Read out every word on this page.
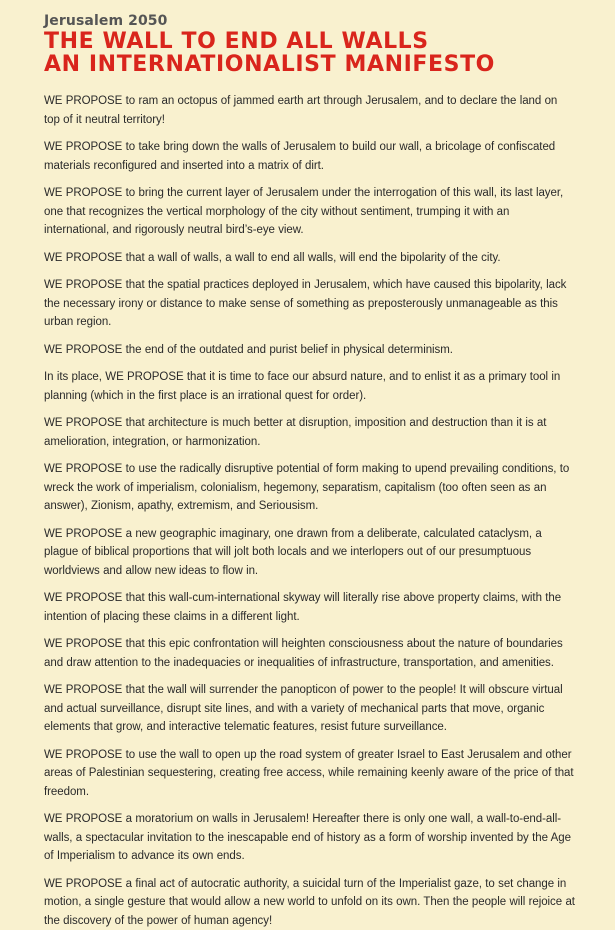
Jerusalem 2050
THE WALL TO END ALL WALLS
AN INTERNATIONALIST MANIFESTO

WE PROPOSE to ram an octopus of jammed earth art through Jerusalem, and to declare the land on top of it neutral territory!

WE PROPOSE to take bring down the walls of Jerusalem to build our wall, a bricolage of confiscated materials reconfigured and inserted into a matrix of dirt.

WE PROPOSE to bring the current layer of Jerusalem under the interrogation of this wall, its last layer, one that recognizes the vertical morphology of the city without sentiment, trumping it with an international, and rigorously neutral bird’s-eye view.

WE PROPOSE that a wall of walls, a wall to end all walls, will end the bipolarity of the city.

WE PROPOSE that the spatial practices deployed in Jerusalem, which have caused this bipolarity, lack the necessary irony or distance to make sense of something as preposterously unmanageable as this urban region.

WE PROPOSE the end of the outdated and purist belief in physical determinism.

In its place, WE PROPOSE that it is time to face our absurd nature, and to enlist it as a primary tool in planning (which in the first place is an irrational quest for order).

WE PROPOSE that architecture is much better at disruption, imposition and destruction than it is at amelioration, integration, or harmonization.

WE PROPOSE to use the radically disruptive potential of form making to upend prevailing conditions, to wreck the work of imperialism, colonialism, hegemony, separatism, capitalism (too often seen as an answer), Zionism, apathy, extremism, and Seriousism.

WE PROPOSE a new geographic imaginary, one drawn from a deliberate, calculated cataclysm, a plague of biblical proportions that will jolt both locals and we interlopers out of our presumptuous worldviews and allow new ideas to flow in.

WE PROPOSE that this wall-cum-international skyway will literally rise above property claims, with the intention of placing these claims in a different light.

WE PROPOSE that this epic confrontation will heighten consciousness about the nature of boundaries and draw attention to the inadequacies or inequalities of infrastructure, transportation, and amenities.

WE PROPOSE that the wall will surrender the panopticon of power to the people! It will obscure virtual and actual surveillance, disrupt site lines, and with a variety of mechanical parts that move, organic elements that grow, and interactive telematic features, resist future surveillance.

WE PROPOSE to use the wall to open up the road system of greater Israel to East Jerusalem and other areas of Palestinian sequestering, creating free access, while remaining keenly aware of the price of that freedom.

WE PROPOSE a moratorium on walls in Jerusalem! Hereafter there is only one wall, a wall-to-end-all-walls, a spectacular invitation to the inescapable end of history as a form of worship invented by the Age of Imperialism to advance its own ends.

WE PROPOSE a final act of autocratic authority, a suicidal turn of the Imperialist gaze, to set change in motion, a single gesture that would allow a new world to unfold on its own. Then the people will rejoice at the discovery of the power of human agency!
